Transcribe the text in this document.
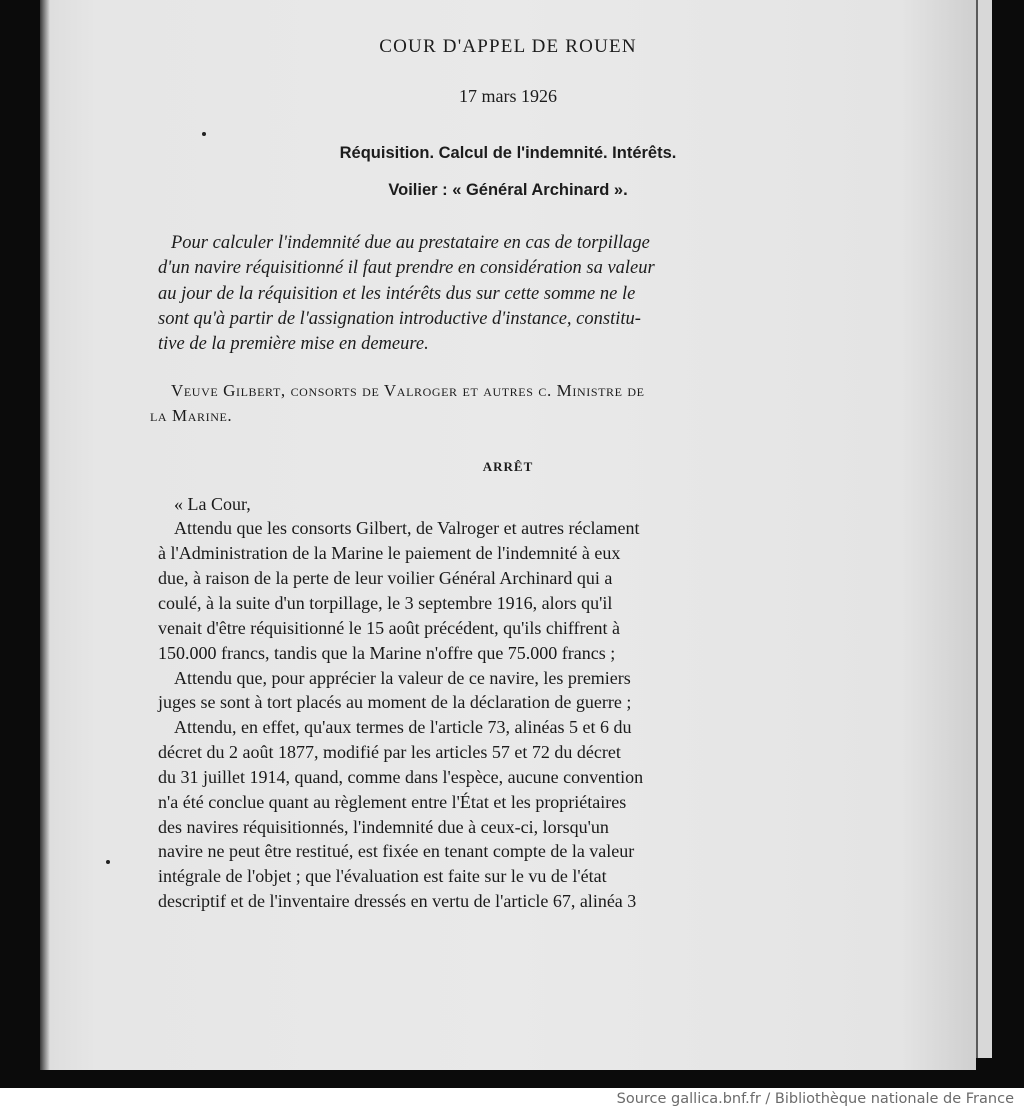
COUR D'APPEL DE ROUEN
17 mars 1926
Réquisition. Calcul de l'indemnité. Intérêts.
Voilier : « Général Archinard ».
Pour calculer l'indemnité due au prestataire en cas de torpillage
d'un navire réquisitionné il faut prendre en considération sa valeur
au jour de la réquisition et les intérêts dus sur cette somme ne le
sont qu'à partir de l'assignation introductive d'instance, constitu-
tive de la première mise en demeure.
Veuve Gilbert, consorts de Valroger et autres c. Ministre de
la Marine.
ARRÊT
« La Cour,
Attendu que les consorts Gilbert, de Valroger et autres réclament
à l'Administration de la Marine le paiement de l'indemnité à eux
due, à raison de la perte de leur voilier Général Archinard qui a
coulé, à la suite d'un torpillage, le 3 septembre 1916, alors qu'il
venait d'être réquisitionné le 15 août précédent, qu'ils chiffrent à
150.000 francs, tandis que la Marine n'offre que 75.000 francs ;
Attendu que, pour apprécier la valeur de ce navire, les premiers
juges se sont à tort placés au moment de la déclaration de guerre ;
Attendu, en effet, qu'aux termes de l'article 73, alinéas 5 et 6 du
décret du 2 août 1877, modifié par les articles 57 et 72 du décret
du 31 juillet 1914, quand, comme dans l'espèce, aucune convention
n'a été conclue quant au règlement entre l'État et les propriétaires
des navires réquisitionnés, l'indemnité due à ceux-ci, lorsqu'un
navire ne peut être restitué, est fixée en tenant compte de la valeur
intégrale de l'objet ; que l'évaluation est faite sur le vu de l'état
descriptif et de l'inventaire dressés en vertu de l'article 67, alinéa 3
Source gallica.bnf.fr / Bibliothèque nationale de France
